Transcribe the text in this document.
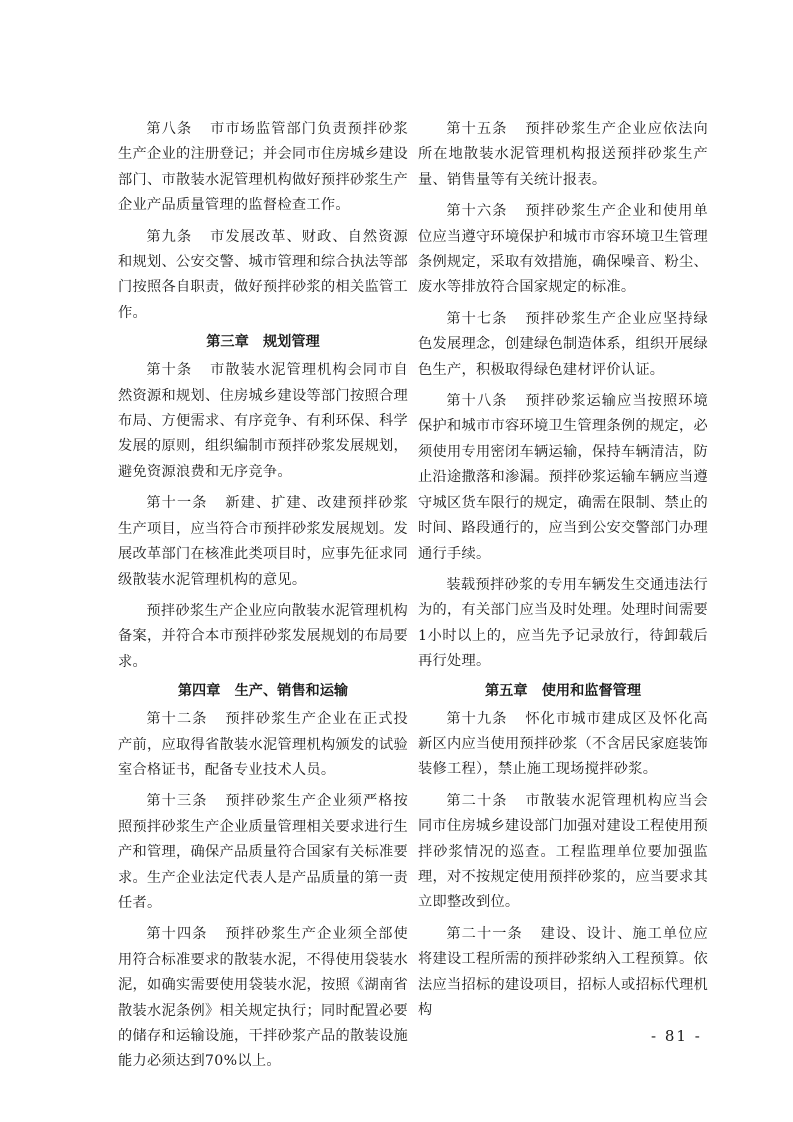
第八条 市市场监管部门负责预拌砂浆生产企业的注册登记；并会同市住房城乡建设部门、市散装水泥管理机构做好预拌砂浆生产企业产品质量管理的监督检查工作。

第九条 市发展改革、财政、自然资源和规划、公安交警、城市管理和综合执法等部门按照各自职责，做好预拌砂浆的相关监管工作。

第三章　规划管理

第十条 市散装水泥管理机构会同市自然资源和规划、住房城乡建设等部门按照合理布局、方便需求、有序竞争、有利环保、科学发展的原则，组织编制市预拌砂浆发展规划，避免资源浪费和无序竞争。

第十一条 新建、扩建、改建预拌砂浆生产项目，应当符合市预拌砂浆发展规划。发展改革部门在核准此类项目时，应事先征求同级散装水泥管理机构的意见。

预拌砂浆生产企业应向散装水泥管理机构备案，并符合本市预拌砂浆发展规划的布局要求。

第四章　生产、销售和运输

第十二条 预拌砂浆生产企业在正式投产前，应取得省散装水泥管理机构颁发的试验室合格证书，配备专业技术人员。

第十三条 预拌砂浆生产企业须严格按照预拌砂浆生产企业质量管理相关要求进行生产和管理，确保产品质量符合国家有关标准要求。生产企业法定代表人是产品质量的第一责任者。

第十四条 预拌砂浆生产企业须全部使用符合标准要求的散装水泥，不得使用袋装水泥，如确实需要使用袋装水泥，按照《湖南省散装水泥条例》相关规定执行；同时配置必要的储存和运输设施，干拌砂浆产品的散装设施能力必须达到70%以上。

第十五条 预拌砂浆生产企业应依法向所在地散装水泥管理机构报送预拌砂浆生产量、销售量等有关统计报表。

第十六条 预拌砂浆生产企业和使用单位应当遵守环境保护和城市市容环境卫生管理条例规定，采取有效措施，确保噪音、粉尘、废水等排放符合国家规定的标准。

第十七条 预拌砂浆生产企业应坚持绿色发展理念，创建绿色制造体系，组织开展绿色生产，积极取得绿色建材评价认证。

第十八条 预拌砂浆运输应当按照环境保护和城市市容环境卫生管理条例的规定，必须使用专用密闭车辆运输，保持车辆清洁，防止沿途撒落和渗漏。预拌砂浆运输车辆应当遵守城区货车限行的规定，确需在限制、禁止的时间、路段通行的，应当到公安交警部门办理通行手续。

装载预拌砂浆的专用车辆发生交通违法行为的，有关部门应当及时处理。处理时间需要1小时以上的，应当先予记录放行，待卸载后再行处理。

第五章　使用和监督管理

第十九条 怀化市城市建成区及怀化高新区内应当使用预拌砂浆（不含居民家庭装饰装修工程），禁止施工现场搅拌砂浆。

第二十条 市散装水泥管理机构应当会同市住房城乡建设部门加强对建设工程使用预拌砂浆情况的巡查。工程监理单位要加强监理，对不按规定使用预拌砂浆的，应当要求其立即整改到位。

第二十一条 建设、设计、施工单位应将建设工程所需的预拌砂浆纳入工程预算。依法应当招标的建设项目，招标人或招标代理机构

- 81 -
